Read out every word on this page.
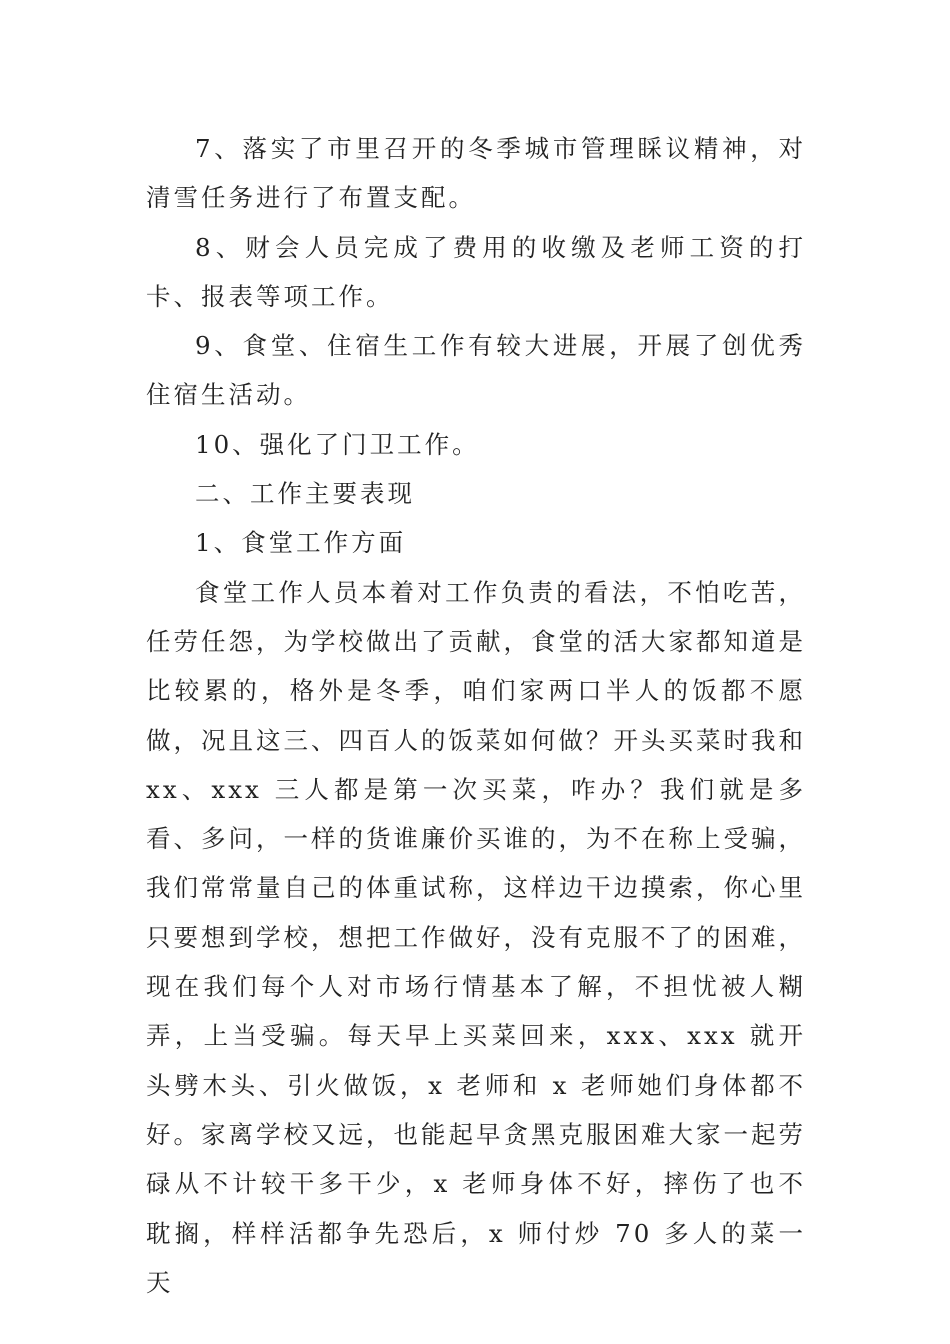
7、落实了市里召开的冬季城市管理睬议精神，对清雪任务进行了布置支配。

8、财会人员完成了费用的收缴及老师工资的打卡、报表等项工作。

9、食堂、住宿生工作有较大进展，开展了创优秀住宿生活动。

10、强化了门卫工作。

二、工作主要表现

1、食堂工作方面

食堂工作人员本着对工作负责的看法，不怕吃苦，任劳任怨，为学校做出了贡献，食堂的活大家都知道是比较累的，格外是冬季，咱们家两口半人的饭都不愿做，况且这三、四百人的饭菜如何做？开头买菜时我和 xx、xxx 三人都是第一次买菜，咋办？我们就是多看、多问，一样的货谁廉价买谁的，为不在称上受骗，我们常常量自己的体重试称，这样边干边摸索，你心里只要想到学校，想把工作做好，没有克服不了的困难，现在我们每个人对市场行情基本了解，不担忧被人糊弄，上当受骗。每天早上买菜回来，xxx、xxx 就开头劈木头、引火做饭，x 老师和 x 老师她们身体都不好。家离学校又远，也能起早贪黑克服困难大家一起劳碌从不计较干多干少，x 老师身体不好，摔伤了也不耽搁，样样活都争先恐后，x 师付炒 70 多人的菜一天
